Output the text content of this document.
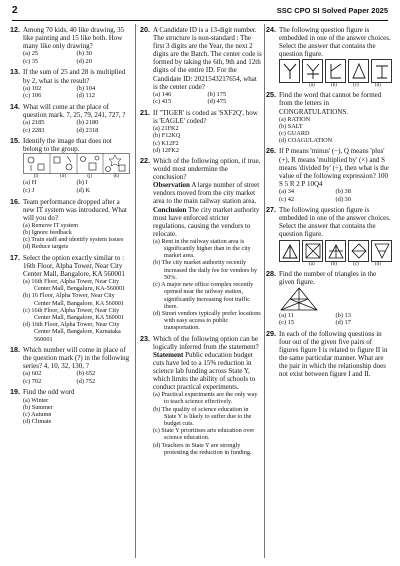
2	SSC CPO SI Solved Paper 2025
12. Among 70 kids, 40 like drawing, 35 like painting and 15 like both. How many like only drawing?
(a) 25	(b) 30
(c) 35	(d) 20
13. If the sum of 25 and 28 is multiplied by 2, what is the result?
(a) 102	(b) 104
(c) 106	(d) 112
14. What will come at the place of question mark. 7, 25, 79, 241, 727, ?
(a) 2185	(b) 2180
(c) 2283	(d) 2318
15. Identify the image that does not belong to the group.
(i)	(ii)	(j)	(k)
(a) H	(b) I
(c) J	(d) K
16. Team performance dropped after a new IT system was introduced. What will you do?
(a) Remove IT system
(b) Ignore feedback
(c) Train staff and identify system issues
(d) Reduce targets
17. Select the option exactly similar to : 16th Floor, Alpha Tower, Near City Center Mall, Bangalore, KA 560001
(a) 16th Floor, Alpha Tower, Near City Center Mall, Bengaluru, KA-560001
(b) 16 Floor, Alpha Tower, Near City Center Mall, Bangalore, KA 560001
(c) 16th Floor, Alpha Tower, Near City Center Mall, Bangalore, KA 560001
(d) 16th Floor, Alpha Tower, Near City Center Mall, Bangalore, Karnataka 560001
18. Which number will come in place of the question mark (?) in the following series? 4, 10, 32, 130, ?
(a) 602	(b) 652
(c) 702	(d) 752
19. Find the odd word
(a) Winter
(b) Summer
(c) Autumn
(d) Climate
20. A Candidate ID is a 13-digit number. The structure is non-standard : The first 3 digits are the Year, the next 2 digits are the Batch. The center code is formed by taking the 6th, 9th and 12th digits of the entire ID. For the Candidate ID: 2021543217654, what is the center code?
(a) 146	(b) 175
(c) 415	(d) 475
21. If "TIGER' is coded as 'SXF2Q', how is 'EAGLE' coded?
(a) 21FK2
(b) F12KQ
(c) K12F2
(d) 12FK2
22. Which of the following option, if true, would most undermine the conclusion?
Observation A large number of street vendors moved from the city market area to the main railway station area.
Conclusion The city market authority must have enforced stricter regulations, causing the vendors to relocate.
(a) Rent in the railway station area is significantly higher than in the city market area.
(b) The city market authority recently increased the daily fee for vendors by 50%.
(c) A major new office complex recently opened near the railway station, significantly increasing foot traffic there.
(d) Street vendors typically prefer locations with easy access to public transportation.
23. Which of the following option can be logically inferred from the statement?
Statement Public education budget cuts have led to a 15% reduction in science lab funding across State Y, which limits the ability of schools to conduct practical experiments.
(a) Practical experiments are the only way to teach science effectively.
(b) The quality of science education in State Y is likely to suffer due to the budget cuts.
(c) State Y prioritises arts education over science education.
(d) Teachers in State Y are strongly protesting the reduction in funding.
24. The following question figure is embedded in one of the answer choices. Select the answer that contains the question figure.
(a)	(b)	(c)	(d)
25. Find the word that cannot be formed from the letters in CONGRATULATIONS.
(a) RATION
(b) SALT
(c) GUARD
(d) COAGULATION
26. If P means 'minus' (−), Q means 'plus' (+), R means 'multiplied by' (×) and S means 'divided by' (÷), then what is the value of the following expression? 100 S 5 R 2 P 10Q4
(a) 34	(b) 38
(c) 42	(d) 30
27. The following question figure is embedded in one of the answer choices. Select the answer that contains the question figure.
(a)	(b)	(c)	(d)
28. Find the number of triangles in the given figure.
(a) 11	(b) 13
(c) 15	(d) 17
29. In each of the following questions in four out of the given five pairs of figures figure I is related to figure II in the same particular manner. What are the pair in which the relationship does not exist between figure I and II.
